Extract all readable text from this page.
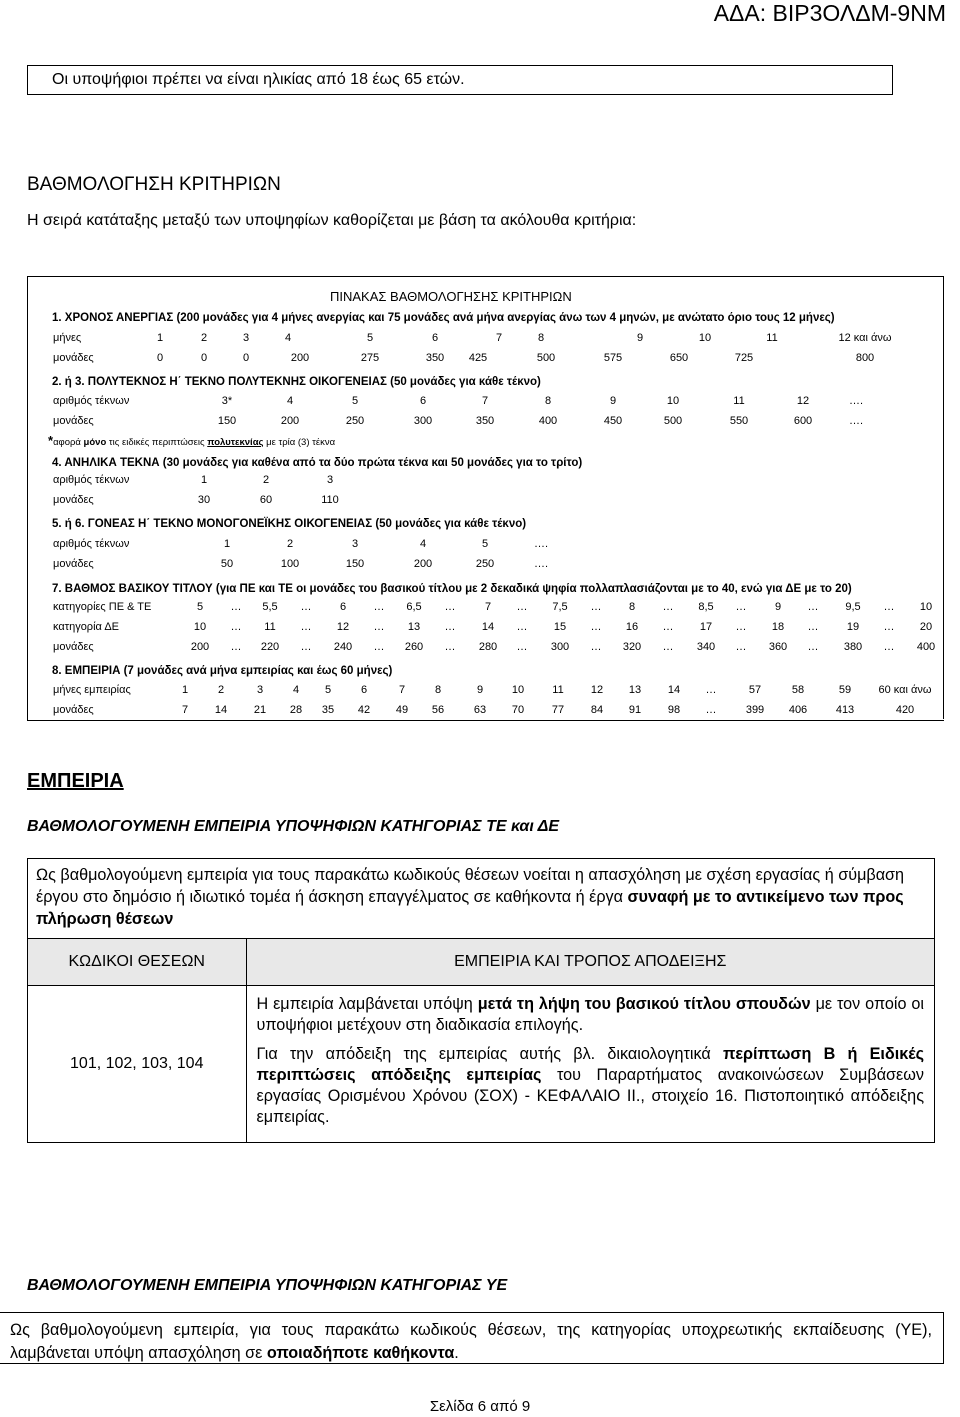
ΑΔΑ: ΒΙΡ3ΟΛΔΜ-9ΝΜ
Οι υποψήφιοι πρέπει να είναι ηλικίας από 18 έως 65 ετών.
ΒΑΘΜΟΛΟΓΗΣΗ ΚΡΙΤΗΡΙΩΝ
Η σειρά κατάταξης μεταξύ των υποψηφίων καθορίζεται με βάση τα ακόλουθα κριτήρια:
ΠΙΝΑΚΑΣ ΒΑΘΜΟΛΟΓΗΣΗΣ ΚΡΙΤΗΡΙΩΝ
1. ΧΡΟΝΟΣ ΑΝΕΡΓΙΑΣ (200 μονάδες για 4 μήνες ανεργίας και 75 μονάδες ανά μήνα ανεργίας άνω των 4 μηνών, με ανώτατο όριο τους 12 μήνες)
μήνες	1	2	3	4	5	6	7	8	9	10	11	12 και άνω
μονάδες	0	0	0	200	275	350 425	500	575	650	725	800
2. ή 3. ΠΟΛΥΤΕΚΝΟΣ Η΄ ΤΕΚΝΟ ΠΟΛΥΤΕΚΝΗΣ ΟΙΚΟΓΕΝΕΙΑΣ (50 μονάδες για κάθε τέκνο)
αριθμός τέκνων	3*	4	5	6	7	8	9	10	11	12	….
μονάδες	150	200	250	300	350	400	450	500	550	600	….
*αφορά μόνο τις ειδικές περιπτώσεις πολυτεκνίας με τρία (3) τέκνα
4. ΑΝΗΛΙΚΑ ΤΕΚΝΑ (30 μονάδες για καθένα από τα δύο πρώτα τέκνα και 50 μονάδες για το τρίτο)
αριθμός τέκνων	1	2	3
μονάδες	30	60	110
5. ή 6. ΓΟΝΕΑΣ Η΄ ΤΕΚΝΟ ΜΟΝΟΓΟΝΕΪΚΗΣ ΟΙΚΟΓΕΝΕΙΑΣ (50 μονάδες για κάθε τέκνο)
αριθμός τέκνων	1	2	3	4	5	….
μονάδες	50	100	150	200	250	….
7. ΒΑΘΜΟΣ ΒΑΣΙΚΟΥ ΤΙΤΛΟΥ (για ΠΕ και ΤΕ οι μονάδες του βασικού τίτλου με 2 δεκαδικά ψηφία πολλαπλασιάζονται με το 40, ενώ για ΔΕ με το 20)
κατηγορίες ΠΕ & ΤΕ	5 … 5,5 …	6 … 6,5 …	7 … 7,5 … 8 … 8,5 …	9 … 9,5 … 10
κατηγορία ΔΕ	10 … 11 … 12 … 13 … 14 … 15 … 16 … 17 … 18 …	19 … 20
μονάδες	200 … 220 … 240 … 260 … 280 … 300 … 320 … 340 … 360 … 380 … 400
8. ΕΜΠΕΙΡΙΑ (7 μονάδες ανά μήνα εμπειρίας και έως 60 μήνες)
μήνες εμπειρίας	1	2	3	4 5	6	7	8	9	10	11 12 13 14 …	57	58	59 60 και άνω
μονάδες	7 14 21 28 35 42 49 56	63 70	77 84 91 98 …	399 406	413	420
ΕΜΠΕΙΡΙΑ
ΒΑΘΜΟΛΟΓΟΥΜΕΝΗ ΕΜΠΕΙΡΙΑ ΥΠΟΨΗΦΙΩΝ ΚΑΤΗΓΟΡΙΑΣ ΤΕ και ΔΕ
Ως βαθμολογούμενη εμπειρία για τους παρακάτω κωδικούς θέσεων νοείται η απασχόληση με σχέση εργασίας ή σύμβαση έργου στο δημόσιο ή ιδιωτικό τομέα ή άσκηση επαγγέλματος σε καθήκοντα ή έργα συναφή με το αντικείμενο των προς πλήρωση θέσεων
ΚΩΔΙΚΟΙ ΘΕΣΕΩΝ	ΕΜΠΕΙΡΙΑ ΚΑΙ ΤΡΟΠΟΣ ΑΠΟΔΕΙΞΗΣ
101, 102, 103, 104	Η εμπειρία λαμβάνεται υπόψη μετά τη λήψη του βασικού τίτλου σπουδών με τον οποίο οι υποψήφιοι μετέχουν στη διαδικασία επιλογής.

Για την απόδειξη της εμπειρίας αυτής βλ. δικαιολογητικά περίπτωση Β ή Ειδικές περιπτώσεις απόδειξης εμπειρίας του Παραρτήματος ανακοινώσεων Συμβάσεων εργασίας Ορισμένου Χρόνου (ΣΟΧ) - ΚΕΦΑΛΑΙΟ ΙΙ., στοιχείο 16. Πιστοποιητικό απόδειξης εμπειρίας.

ΒΑΘΜΟΛΟΓΟΥΜΕΝΗ ΕΜΠΕΙΡΙΑ ΥΠΟΨΗΦΙΩΝ ΚΑΤΗΓΟΡΙΑΣ ΥΕ
Ως βαθμολογούμενη εμπειρία, για τους παρακάτω κωδικούς θέσεων, της κατηγορίας υποχρεωτικής εκπαίδευσης (ΥΕ), λαμβάνεται υπόψη απασχόληση σε οποιαδήποτε καθήκοντα.
Σελίδα 6 από 9
